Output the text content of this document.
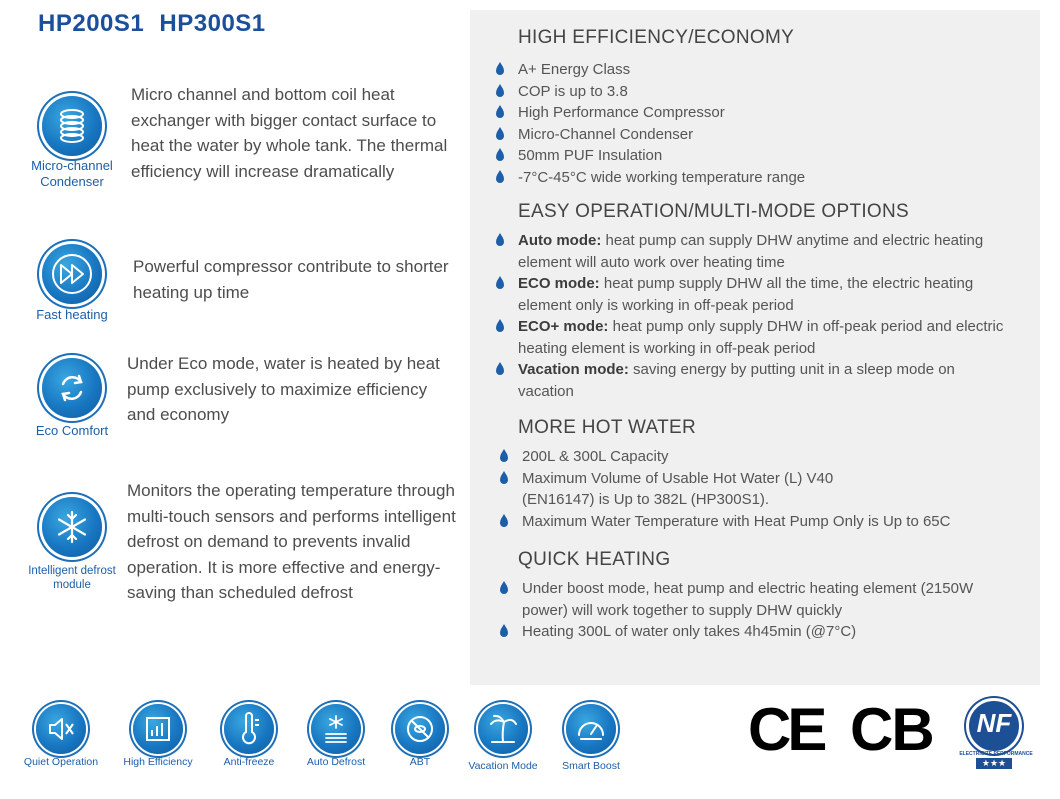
HP200S1 HP300S1
Micro-channel Condenser
Micro channel and bottom coil heat exchanger with bigger contact surface to heat the water by whole tank. The thermal efficiency will increase dramatically
Fast heating
Powerful compressor contribute to shorter heating up time
Eco Comfort
Under Eco mode, water is heated by heat pump exclusively to maximize efficiency and economy
Intelligent defrost module
Monitors the operating temperature through multi-touch sensors and performs intelligent defrost on demand to prevents invalid operation. It is more effective and energy-saving than scheduled defrost
HIGH EFFICIENCY/ECONOMY
A+ Energy Class
COP is up to 3.8
High Performance Compressor
Micro-Channel Condenser
50mm PUF Insulation
-7°C-45°C wide working temperature range
EASY OPERATION/MULTI-MODE OPTIONS
Auto mode: heat pump can supply DHW anytime and electric heating element will auto work over heating time
ECO mode: heat pump supply DHW all the time, the electric heating element only is working in off-peak period
ECO+ mode: heat pump only supply DHW in off-peak period and electric heating element is working in off-peak period
Vacation mode: saving energy by putting unit in a sleep mode on vacation
MORE HOT WATER
200L & 300L Capacity
Maximum Volume of Usable Hot Water (L) V40 (EN16147) is Up to 382L (HP300S1).
Maximum Water Temperature with Heat Pump Only is Up to 65C
QUICK HEATING
Under boost mode, heat pump and electric heating element (2150W power) will work together to supply DHW quickly
Heating 300L of water only takes 4h45min (@7°C)
Quiet Operation	High Efficiency	Anti-freeze	Auto Defrost	ABT	Vacation Mode	Smart Boost
CE CB	NF
ELECTRICITE PERFORMANCE
★★★
